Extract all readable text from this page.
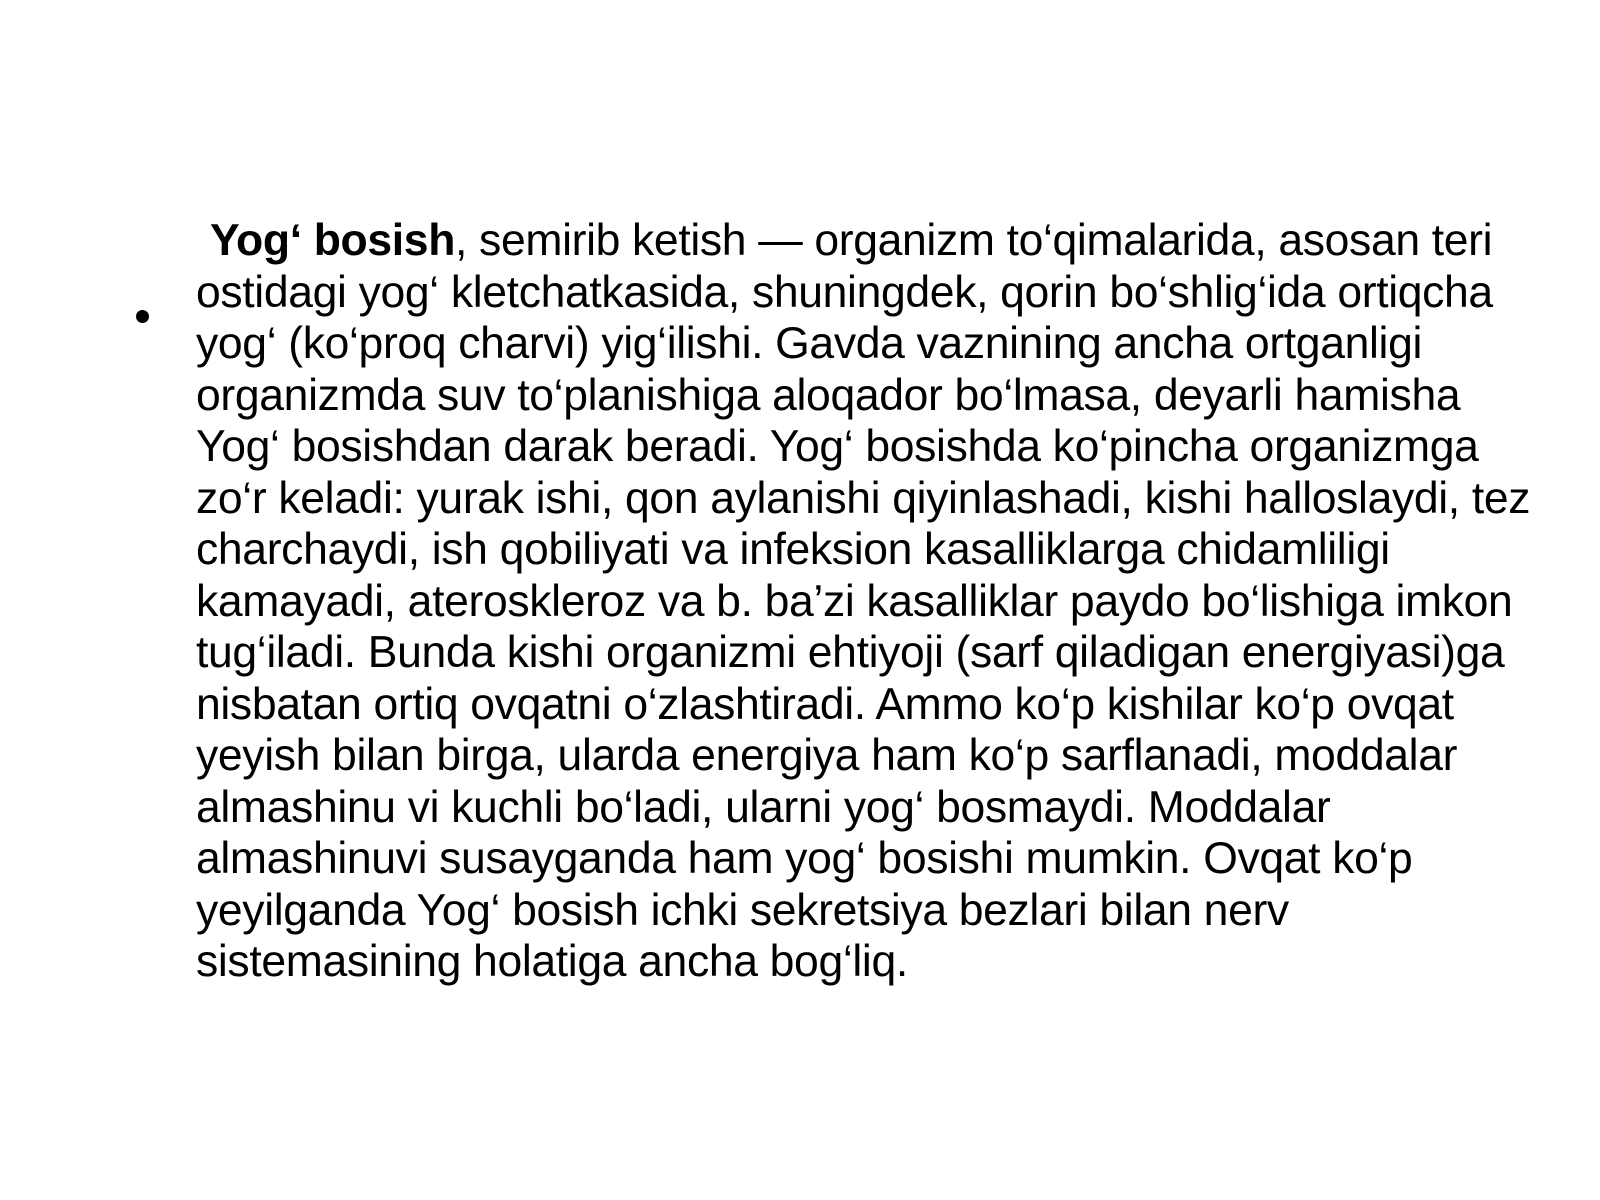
Yog‘ bosish, semirib ketish — organizm to‘qimalarida, asosan teri ostidagi yog‘ kletchatkasida, shuningdek, qorin bo‘shlig‘ida ortiqcha yog‘ (ko‘proq charvi) yig‘ilishi. Gavda vaznining ancha ortganligi organizmda suv to‘planishiga aloqador bo‘lmasa, deyarli hamisha Yog‘ bosishdan darak beradi. Yog‘ bosishda ko‘pincha organizmga zo‘r keladi: yurak ishi, qon aylanishi qiyinlashadi, kishi halloslaydi, tez charchaydi, ish qobiliyati va infeksion kasalliklarga chidamliligi kamayadi, ateroskleroz va b. ba’zi kasalliklar paydo bo‘lishiga imkon tug‘iladi. Bunda kishi organizmi ehtiyoji (sarf qiladigan energiyasi)ga nisbatan ortiq ovqatni o‘zlashtiradi. Ammo ko‘p kishilar ko‘p ovqat yeyish bilan birga, ularda energiya ham ko‘p sarflanadi, moddalar almashinu vi kuchli bo‘ladi, ularni yog‘ bosmaydi. Moddalar almashinuvi susayganda ham yog‘ bosishi mumkin. Ovqat ko‘p yeyilganda Yog‘ bosish ichki sekretsiya bezlari bilan nerv sistemasining holatiga ancha bog‘liq.
